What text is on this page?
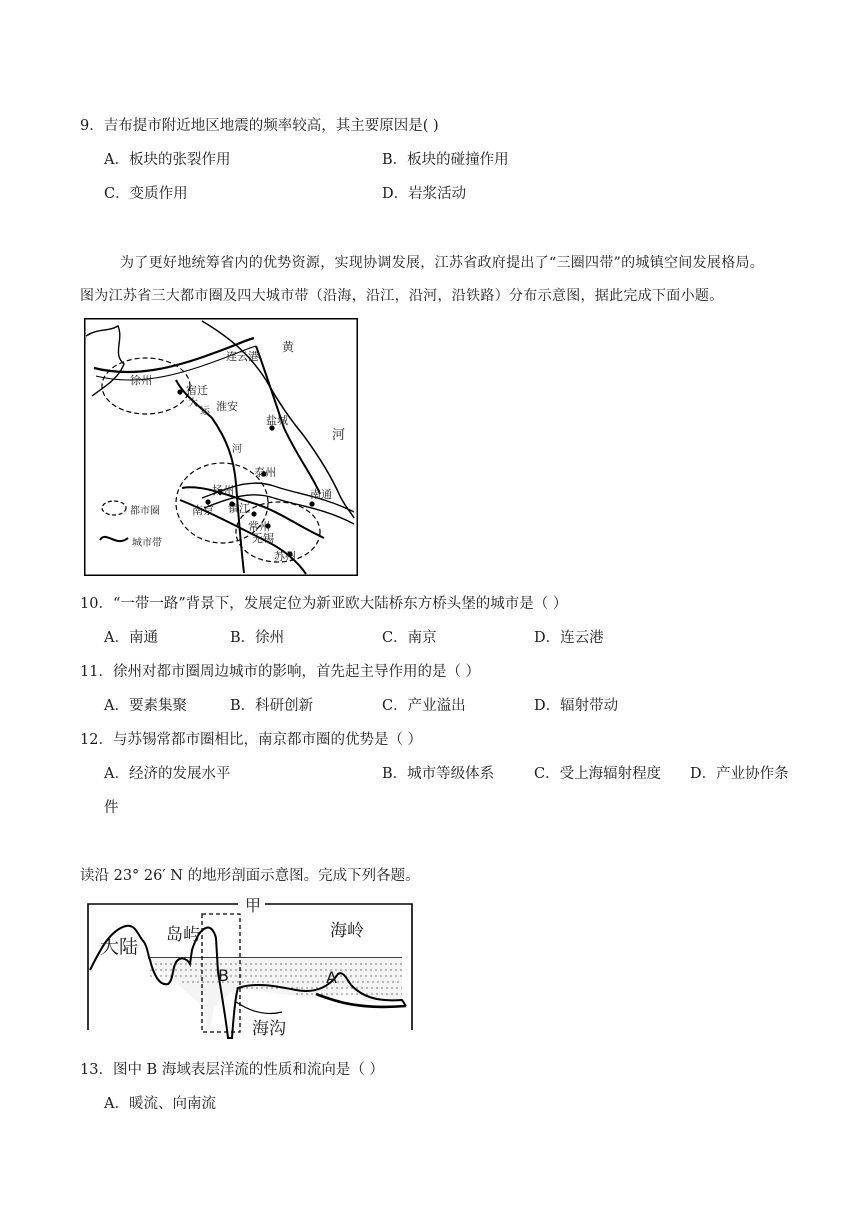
9．吉布提市附近地区地震的频率较高，其主要原因是( )
A．板块的张裂作用	B．板块的碰撞作用
C．变质作用	D．岩浆活动
为了更好地统筹省内的优势资源，实现协调发展，江苏省政府提出了“三圈四带”的城镇空间发展格局。
图为江苏省三大都市圈及四大城市带（沿海，沿江，沿河，沿铁路）分布示意图，据此完成下面小题。
连云港
徐州
宿迁
淮安
盐城
泰州
扬州
南京 镇江
常州
无锡
苏州
南通
黄
河
大
运
河
都市圈
城市带
10．“一带一路”背景下，发展定位为新亚欧大陆桥东方桥头堡的城市是（ ）
A．南通	B．徐州	C．南京	D．连云港
11．徐州对都市圈周边城市的影响，首先起主导作用的是（ ）
A．要素集聚	B．科研创新	C．产业溢出	D．辐射带动
12．与苏锡常都市圈相比，南京都市圈的优势是（ ）
A．经济的发展水平	B．城市等级体系	C．受上海辐射程度 D．产业协作条
件
读沿 23° 26′ N 的地形剖面示意图。完成下列各题。
甲
大陆
岛屿	海岭
海沟
B	A
13．图中 B 海域表层洋流的性质和流向是（ ）
A．暖流、向南流
